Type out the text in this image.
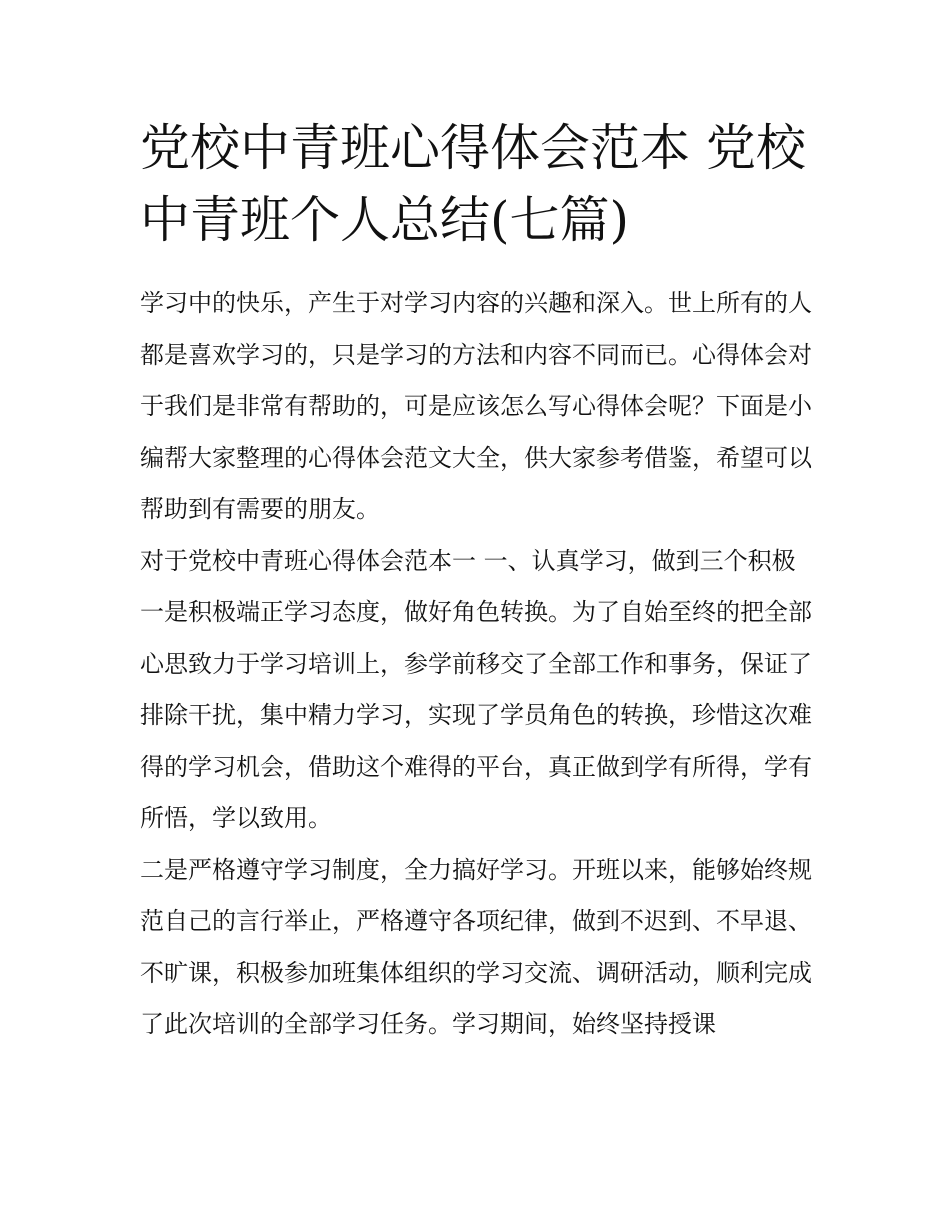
党校中青班心得体会范本 党校中青班个人总结(七篇)

学习中的快乐，产生于对学习内容的兴趣和深入。世上所有的人都是喜欢学习的，只是学习的方法和内容不同而已。心得体会对于我们是非常有帮助的，可是应该怎么写心得体会呢？下面是小编帮大家整理的心得体会范文大全，供大家参考借鉴，希望可以帮助到有需要的朋友。

对于党校中青班心得体会范本一 一、认真学习，做到三个积极

一是积极端正学习态度，做好角色转换。为了自始至终的把全部心思致力于学习培训上，参学前移交了全部工作和事务，保证了排除干扰，集中精力学习，实现了学员角色的转换，珍惜这次难得的学习机会，借助这个难得的平台，真正做到学有所得，学有所悟，学以致用。

二是严格遵守学习制度，全力搞好学习。开班以来，能够始终规范自己的言行举止，严格遵守各项纪律，做到不迟到、不早退、不旷课，积极参加班集体组织的学习交流、调研活动，顺利完成了此次培训的全部学习任务。学习期间，始终坚持授课
